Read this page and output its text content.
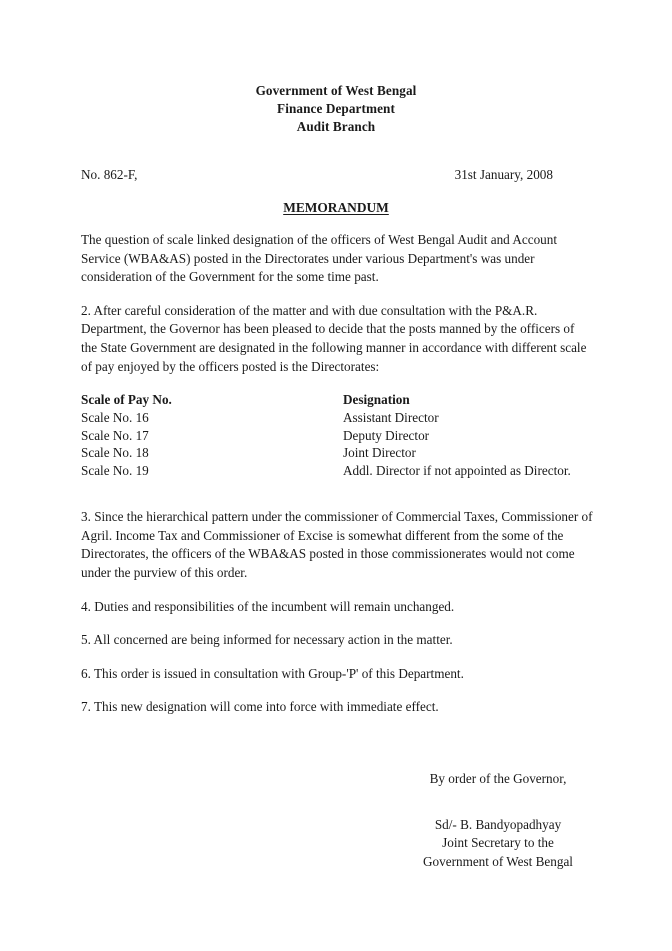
Government of West Bengal
Finance Department
Audit Branch
No. 862-F,	31st January, 2008
MEMORANDUM

The question of scale linked designation of the officers of West Bengal Audit and Account Service (WBA&AS) posted in the Directorates under various Department's was under consideration of the Government for the some time past.

2. After careful consideration of the matter and with due consultation with the P&A.R. Department, the Governor has been pleased to decide that the posts manned by the officers of the State Government are designated in the following manner in accordance with different scale of pay enjoyed by the officers posted is the Directorates:

Scale of Pay No.	Designation
Scale No. 16	Assistant Director
Scale No. 17	Deputy Director
Scale No. 18	Joint Director
Scale No. 19	Addl. Director if not appointed as Director.

3. Since the hierarchical pattern under the commissioner of Commercial Taxes, Commissioner of Agril. Income Tax and Commissioner of Excise is somewhat different from the some of the Directorates, the officers of the WBA&AS posted in those commissionerates would not come under the purview of this order.

4. Duties and responsibilities of the incumbent will remain unchanged.

5. All concerned are being informed for necessary action in the matter.

6. This order is issued in consultation with Group-'P' of this Department.

7. This new designation will come into force with immediate effect.

By order of the Governor,
Sd/- B. Bandyopadhyay
Joint Secretary to the
Government of West Bengal
